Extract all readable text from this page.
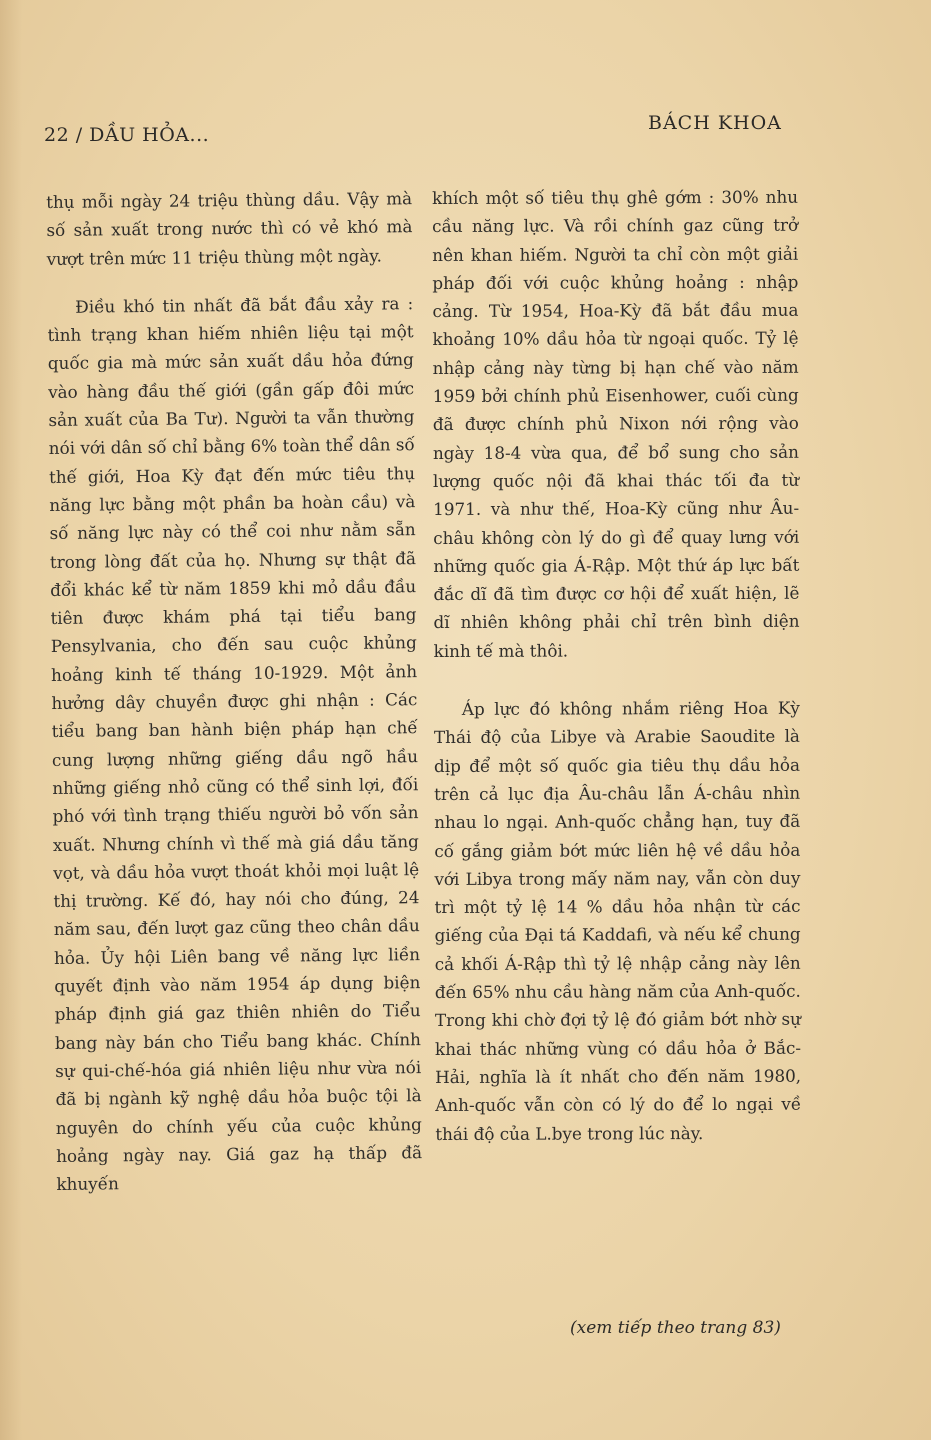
22 / DẦU HỎA...
BÁCH KHOA

thụ mỗi ngày 24 triệu thùng dầu. Vậy mà số sản xuất trong nước thì có vẻ khó mà vượt trên mức 11 triệu thùng một ngày.

Điều khó tin nhất đã bắt đầu xảy ra : tình trạng khan hiếm nhiên liệu tại một quốc gia mà mức sản xuất dầu hỏa đứng vào hàng đầu thế giới (gần gấp đôi mức sản xuất của Ba Tư). Người ta vẫn thường nói với dân số chỉ bằng 6% toàn thể dân số thế giới, Hoa Kỳ đạt đến mức tiêu thụ năng lực bằng một phần ba hoàn cầu) và số năng lực này có thể coi như nằm sẵn trong lòng đất của họ. Nhưng sự thật đã đổi khác kể từ năm 1859 khi mỏ dầu đầu tiên được khám phá tại tiểu bang Pensylvania, cho đến sau cuộc khủng hoảng kinh tế tháng 10-1929. Một ảnh hưởng dây chuyền được ghi nhận : Các tiểu bang ban hành biện pháp hạn chế cung lượng những giếng dầu ngõ hầu những giếng nhỏ cũng có thể sinh lợi, đối phó với tình trạng thiếu người bỏ vốn sản xuất. Nhưng chính vì thế mà giá dầu tăng vọt, và dầu hỏa vượt thoát khỏi mọi luật lệ thị trường. Kế đó, hay nói cho đúng, 24 năm sau, đến lượt gaz cũng theo chân dầu hỏa. Ủy hội Liên bang về năng lực liền quyết định vào năm 1954 áp dụng biện pháp định giá gaz thiên nhiên do Tiểu bang này bán cho Tiểu bang khác. Chính sự qui-chế-hóa giá nhiên liệu như vừa nói đã bị ngành kỹ nghệ dầu hỏa buộc tội là nguyên do chính yếu của cuộc khủng hoảng ngày nay. Giá gaz hạ thấp đã khuyến

khích một số tiêu thụ ghê gớm : 30% nhu cầu năng lực. Và rồi chính gaz cũng trở nên khan hiếm. Người ta chỉ còn một giải pháp đối với cuộc khủng hoảng : nhập cảng. Từ 1954, Hoa-Kỳ đã bắt đầu mua khoảng 10% dầu hỏa từ ngoại quốc. Tỷ lệ nhập cảng này từng bị hạn chế vào năm 1959 bởi chính phủ Eisenhower, cuối cùng đã được chính phủ Nixon nới rộng vào ngày 18-4 vừa qua, để bổ sung cho sản lượng quốc nội đã khai thác tối đa từ 1971. và như thế, Hoa-Kỳ cũng như Âu-châu không còn lý do gì để quay lưng với những quốc gia Á-Rập. Một thứ áp lực bất đắc dĩ đã tìm được cơ hội để xuất hiện, lẽ dĩ nhiên không phải chỉ trên bình diện kinh tế mà thôi.

Áp lực đó không nhắm riêng Hoa Kỳ Thái độ của Libye và Arabie Saoudite là dịp để một số quốc gia tiêu thụ dầu hỏa trên cả lục địa Âu-châu lẫn Á-châu nhìn nhau lo ngại. Anh-quốc chẳng hạn, tuy đã cố gắng giảm bớt mức liên hệ về dầu hỏa với Libya trong mấy năm nay, vẫn còn duy trì một tỷ lệ 14 % dầu hỏa nhận từ các giếng của Đại tá Kaddafi, và nếu kể chung cả khối Á-Rập thì tỷ lệ nhập cảng này lên đến 65% nhu cầu hàng năm của Anh-quốc. Trong khi chờ đợi tỷ lệ đó giảm bớt nhờ sự khai thác những vùng có dầu hỏa ở Bắc-Hải, nghĩa là ít nhất cho đến năm 1980, Anh-quốc vẫn còn có lý do để lo ngại về thái độ của L.bye trong lúc này.

(xem tiếp theo trang 83)
